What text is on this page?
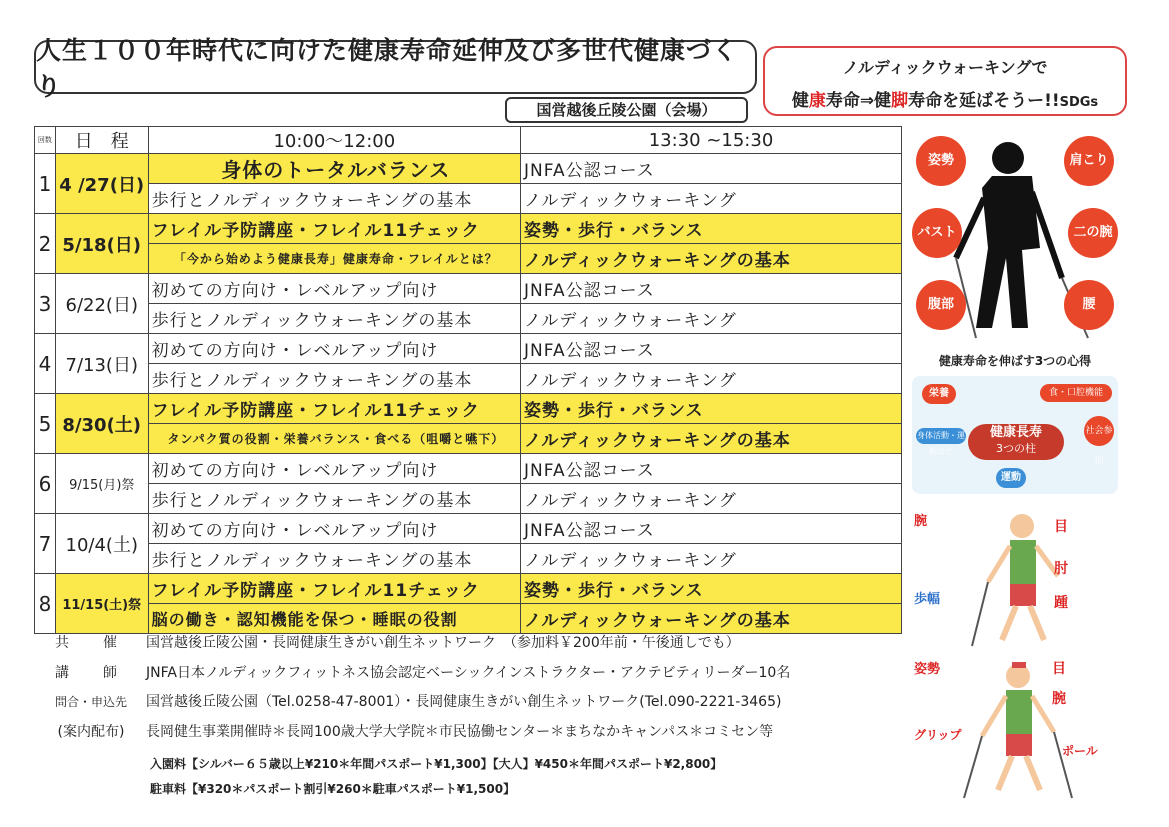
人生１００年時代に向けた健康寿命延伸及び多世代健康づくり
ノルディックウォーキングで
健康寿命⇒健脚寿命を延ばそうー!!SDGs
国営越後丘陵公園（会場）
回数	日　程	10:00～12:00	13:30 ~15:30
1	4 /27(日)	身体のトータルバランス	JNFA公認コース
		歩行とノルディックウォーキングの基本	ノルディックウォーキング
2	5/18(日)	フレイル予防講座・フレイル11チェック	姿勢・歩行・バランス
		「今から始めよう健康長寿」健康寿命・フレイルとは？	ノルディックウォーキングの基本
3	6/22(日)	初めての方向け・レベルアップ向け	JNFA公認コース
		歩行とノルディックウォーキングの基本	ノルディックウォーキング
4	7/13(日)	初めての方向け・レベルアップ向け	JNFA公認コース
		歩行とノルディックウォーキングの基本	ノルディックウォーキング
5	8/30(土)	フレイル予防講座・フレイル11チェック	姿勢・歩行・バランス
		タンパク質の役割・栄養バランス・食べる（咀嚼と嚥下）	ノルディックウォーキングの基本
6	9/15(月)祭	初めての方向け・レベルアップ向け	JNFA公認コース
		歩行とノルディックウォーキングの基本	ノルディックウォーキング
7	10/4(土)	初めての方向け・レベルアップ向け	JNFA公認コース
		歩行とノルディックウォーキングの基本	ノルディックウォーキング
8	11/15(土)祭	フレイル予防講座・フレイル11チェック	姿勢・歩行・バランス
		脳の働き・認知機能を保つ・睡眠の役割	ノルディックウォーキングの基本
共　催 国営越後丘陵公園・長岡健康生きがい創生ネットワーク　（参加料￥200年前・午後通しでも）
講　師 JNFA日本ノルディックフィットネス協会認定ベーシックインストラクター・アクテビティリーダー10名
問合・申込先 国営越後丘陵公園（Tel.0258-47-8001）・長岡健康生きがい創生ネットワーク(Tel.090-2221-3465)
(案内配布) 長岡健生事業開催時＊長岡100歳大学大学院＊市民協働センター＊まちなかキャンパス＊コミセン等
入園料【シルバー６５歳以上¥210＊年間パスポート¥1,300】【大人】¥450＊年間パスポート¥2,800】
駐車料【¥320＊パスポート割引¥260＊駐車パスポート¥1,500】
姿勢	肩こり
バスト	二の腕
腹部	腰
健康寿命を伸ばす3つの心得
栄養	食・口腔機能
社会参加
健康長寿
3つの柱
身体活動・運動など
運動
腕	目
肘
歩幅	踵
姿勢	目
腕
グリップ
ポール
